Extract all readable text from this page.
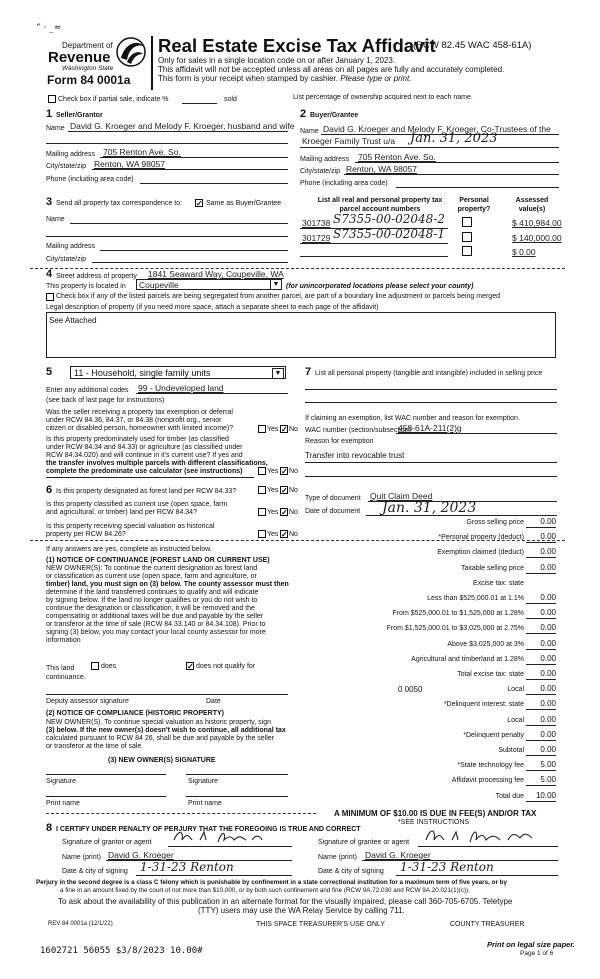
“ · _≈
Department of
Revenue
Washington State
Form 84 0001a
Real Estate Excise Tax Affidavit
(RCW 82.45 WAC 458-61A)
Only for sales in a single location code on or after January 1, 2023.
This affidavit will not be accepted unless all areas on all pages are fully and accurately completed.
This form is your receipt when stamped by cashier. Please type or print.
Check box if partial sale, indicate %	sold	List percentage of ownership acquired next to each name.
1 Seller/Grantor
Name David G. Kroeger and Melody F. Kroeger, husband and wife
Mailing address 705 Renton Ave. So.
City/state/zip Renton, WA 98057
Phone (including area code)
2 Buyer/Grantee
Name David G. Kroeger and Melody F. Kroeger, Co-Trustees of the
Kroeger Family Trust u/a Jan. 31, 2023
Mailing address 705 Renton Ave. So.
City/state/zip Renton, WA 98057
Phone (including area code)
3 Send all property tax correspondence to: ✓ Same as Buyer/Grantee
Name
Mailing address
City/state/zip
List all real and personal property tax parcel account numbers
Personal property?
Assessed value(s)
301738 S7355-00-02048-2	$ 410,984.00
301729 S7355-00-02048-1	$ 140,000.00
$ 0.00
4 Street address of property 1841 Seaward Way, Coupeville, WA
This property is located in Coupeville	▼ (for unincorporated locations please select your county)
Check box if any of the listed parcels are being segregated from another parcel, are part of a boundary line adjustment or parcels being merged
Legal description of property (if you need more space, attach a separate sheet to each page of the affidavit)
See Attached
5 11 - Household, single family units	▼
Enter any additional codes 99 - Undeveloped land
(see back of last page for instructions)
Was the seller receiving a property tax exemption or deferral
under RCW 84.36, 84.37, or 84.38 (nonprofit org., senior
citizen or disabled person, homeowner with limited income)?	Yes ✓ No
Is this property predominately used for timber (as classified
under RCW 84.34 and 84.33) or agriculture (as classified under
RCW 84.34.020) and will continue in it's current use? If yes and
the transfer involves multiple parcels with different classifications,
complete the predominate use calculator (see instructions)	Yes ✓ No
6 Is this property designated as forest land per RCW 84.33?	Yes ✓ No
Is this property classified as current use (open space, farm
and agricultural, or timber) land per RCW 84.34?	Yes ✓ No
Is this property receiving special valuation as historical
property per RCW 84.26?	Yes ✓ No
If any answers are yes, complete as instructed below.
(1) NOTICE OF CONTINUANCE (FOREST LAND OR CURRENT USE)
NEW OWNER(S): To continue the current designation as forest land
or classification as current use (open space, farm and agriculture, or
timber) land, you must sign on (3) below. The county assessor must then
determine if the land transferred continues to qualify and will indicate
by signing below. If the land no longer qualifies or you do not wish to
continue the designation or classification, it will be removed and the
compensating or additional taxes will be due and payable by the seller
or transferor at the time of sale (RCW 84.33.140 or 84.34.108). Prior to
signing (3) below, you may contact your local county assessor for more
information
This land	does	✓ does not qualify for
continuance.
Deputy assessor signature	Date
(2) NOTICE OF COMPLIANCE (HISTORIC PROPERTY)
NEW OWNER(S). To continue special valuation as historic property, sign
(3) below. If the new owner(s) doesn't wish to continue, all additional tax
calculated pursuant to RCW 84 26, shall be due and payable by the seller
or transferor at the time of sale
(3) NEW OWNER(S) SIGNATURE
Signature	Signature
Print name	Print name
7 List all personal property (tangible and intangible) included in selling price
If claiming an exemption, list WAC number and reason for exemption.
WAC number (section/subsection)
458-61A-211(2)g
Reason for exemption
Transfer into revocable trust
Type of document Quit Claim Deed
Date of document Jan. 31, 2023
Gross selling price	0.00
*Personal property (deduct)	0.00
Exemption claimed (deduct)	0.00
Taxable selling price	0.00
Excise tax: state
Less than $525,000.01 at 1.1%	0.00
From $525,000.01 to $1,525,000 at 1.28%	0.00
From $1,525,000.01 to $3,025,000 at 2.75%	0.00
Above $3,025,000 at 3%	0.00
Agricultural and timberland at 1.28%	0.00
Total excise tax: state	0.00
Local
0 0050	0.00
*Delinquent interest: state	0.00
Local	0.00
*Delinquent penalty	0.00
Subtotal	0.00
*State technology fee	5.00
Affidavit processing fee	5.00
Total due	10.00
A MINIMUM OF $10.00 IS DUE IN FEE(S) AND/OR TAX
*SEE INSTRUCTIONS
8 I CERTIFY UNDER PENALTY OF PERJURY THAT THE FOREGOING IS TRUE AND CORRECT
Signature of grantor or agent
Name (print) David G. Kroeger
Date & city of signing 1-31-23 Renton
Signature of grantee or agent
Name (print) David G. Kroeger
Date & city of signing 1-31-23 Renton
Perjury in the second degree is a class C felony which is punishable by confinement in a state correctional institution for a maximum term of five years, or by
a fine in an amount fixed by the court of not more than $10,000, or by both such confinement and fine (RCW 9A.72.030 and RCW 9A.20.021(1)(c)).
To ask about the availability of this publication in an alternate format for the visually impaired, please call 360-705-6705. Teletype
(TTY) users may use the WA Relay Service by calling 711.
REV 84 0001a (12/1/22)	THIS SPACE TREASURER'S USE ONLY	COUNTY TREASURER
1602721 56055 $3/8/2023 10.00#
Print on legal size paper.
Page 1 of 6
